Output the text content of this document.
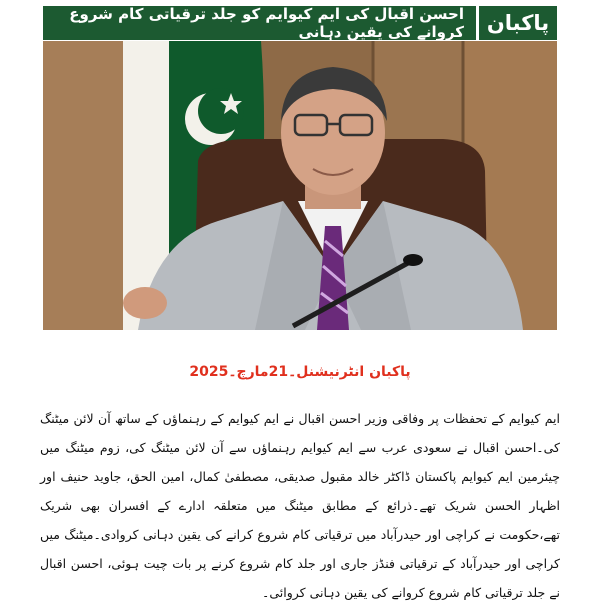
احسن اقبال کی ایم کیوایم کو جلد ترقیاتی کام شروع کروانے کی یقین دہانی پاکبان
پاکبان انٹرنیشنل۔21مارچ۔2025
ایم کیوایم کے تحفظات پر وفاقی وزیر احسن اقبال نے ایم کیوایم کے رہنماؤں کے ساتھ آن لائن میٹنگ کی۔احسن اقبال نے سعودی عرب سے ایم کیوایم رہنماؤں سے آن لائن میٹنگ کی، زوم میٹنگ میں چیئرمین ایم کیوایم پاکستان ڈاکٹر خالد مقبول صدیقی، مصطفیٰ کمال، امین الحق، جاوید حنیف اور اظہار الحسن شریک تھے۔ذرائع کے مطابق میٹنگ میں متعلقہ ادارے کے افسران بھی شریک تھے،حکومت نے کراچی اور حیدرآباد میں ترقیاتی کام شروع کرانے کی یقین دہانی کروادی۔میٹنگ میں کراچی اور حیدرآباد کے ترقیاتی فنڈز جاری اور جلد کام شروع کرنے پر بات چیت ہوئی، احسن اقبال نے جلد ترقیاتی کام شروع کروانے کی یقین دہانی کروائی۔
